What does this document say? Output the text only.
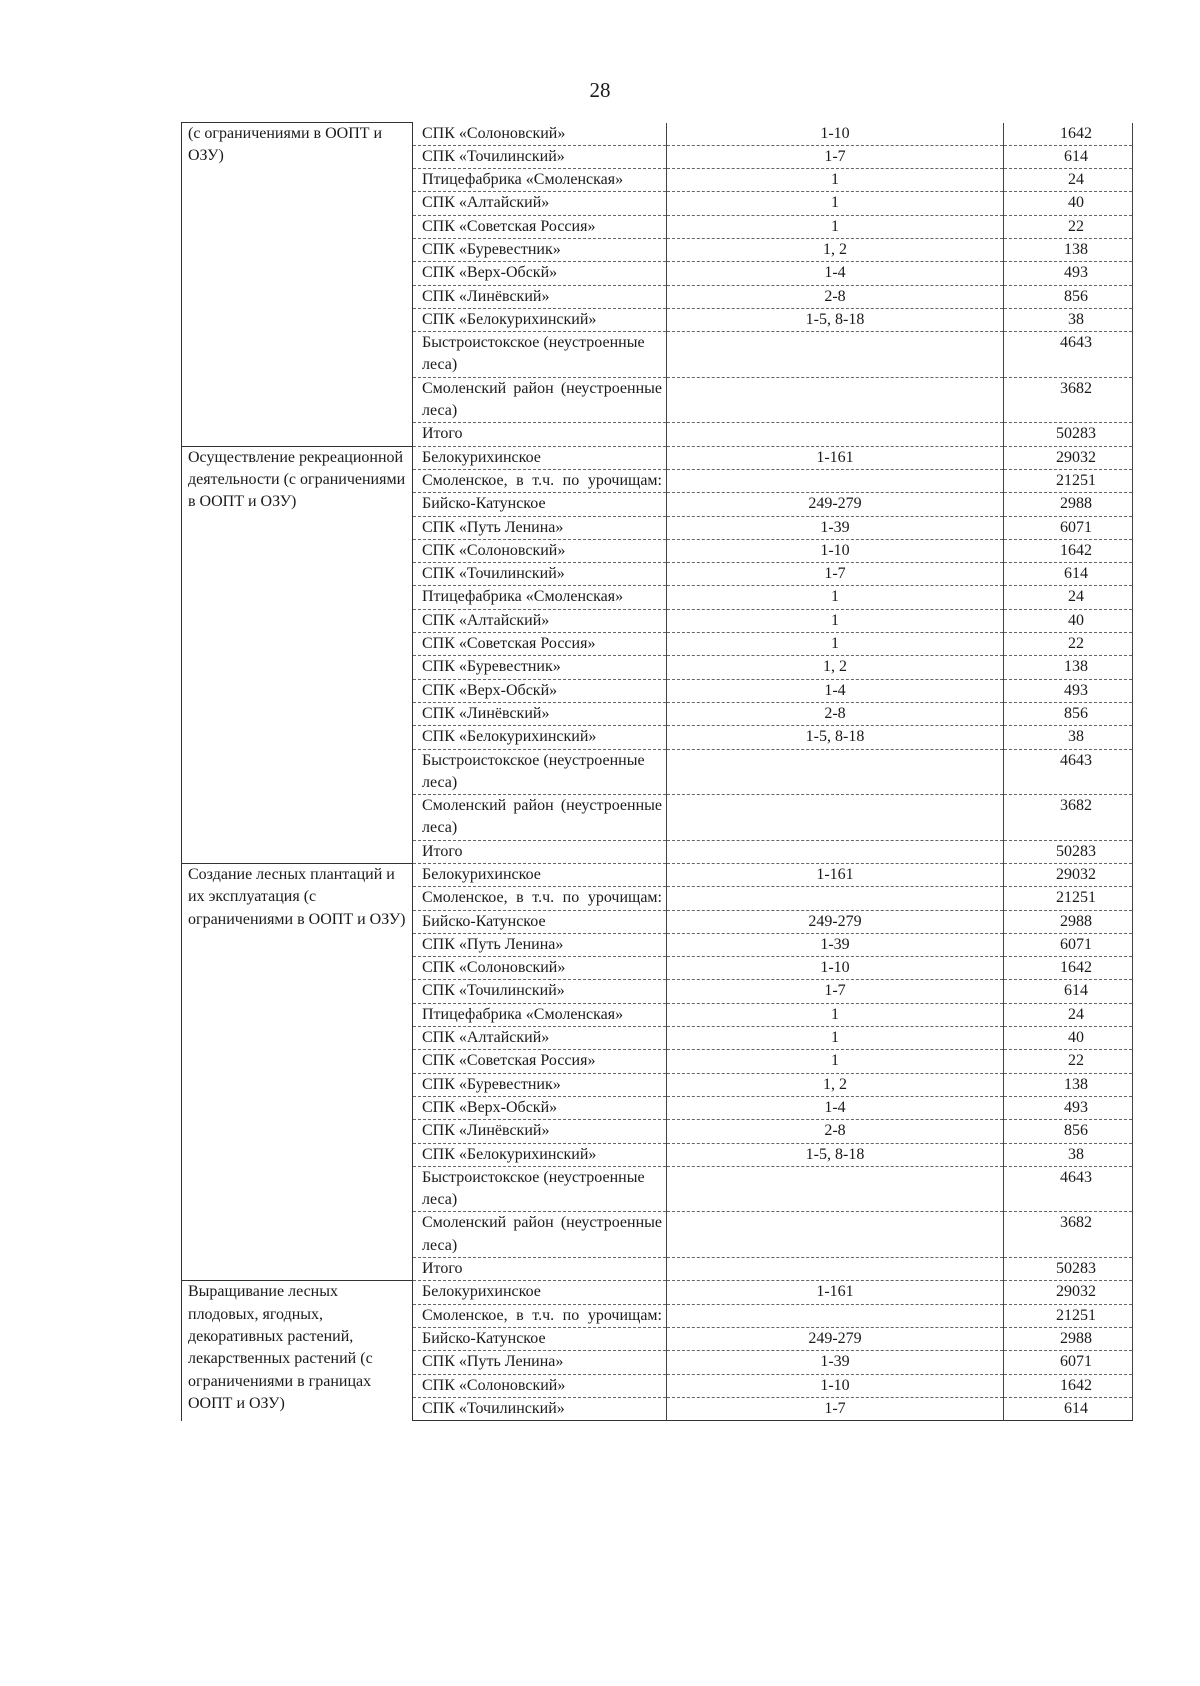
28
(с ограничениями в ООПТ и ОЗУ)	СПК «Солоновский»	1-10	1642
	СПК «Точилинский»	1-7	614
	Птицефабрика «Смоленская»	1	24
	СПК «Алтайский»	1	40
	СПК «Советская Россия»	1	22
	СПК «Буревестник»	1, 2	138
	СПК «Верх-Обскй»	1-4	493
	СПК «Линёвский»	2-8	856
	СПК «Белокурихинский»	1-5, 8-18	38
	Быстроистокское (неустроенные леса)		4643

	Смоленский район (неустроенные леса)		3682
	Итого		50283
Осуществление рекреационной деятельности (с ограничениями в ООПТ и ОЗУ)	Белокурихинское	1-161	29032

	Смоленское, в т.ч. по урочищам:		21251
	Бийско-Катунское	249-279	2988
	СПК «Путь Ленина»	1-39	6071
	СПК «Солоновский»	1-10	1642
	СПК «Точилинский»	1-7	614
	Птицефабрика «Смоленская»	1	24
	СПК «Алтайский»	1	40
	СПК «Советская Россия»	1	22
	СПК «Буревестник»	1, 2	138
	СПК «Верх-Обскй»	1-4	493
	СПК «Линёвский»	2-8	856
	СПК «Белокурихинский»	1-5, 8-18	38
	Быстроистокское (неустроенные леса)		4643

	Смоленский район (неустроенные леса)		3682
	Итого		50283
Создание лесных плантаций и их эксплуатация (с ограничениями в ООПТ и ОЗУ)	Белокурихинское	1-161	29032

	Смоленское, в т.ч. по урочищам:		21251
	Бийско-Катунское	249-279	2988
	СПК «Путь Ленина»	1-39	6071
	СПК «Солоновский»	1-10	1642
	СПК «Точилинский»	1-7	614
	Птицефабрика «Смоленская»	1	24
	СПК «Алтайский»	1	40
	СПК «Советская Россия»	1	22
	СПК «Буревестник»	1, 2	138
	СПК «Верх-Обскй»	1-4	493
	СПК «Линёвский»	2-8	856
	СПК «Белокурихинский»	1-5, 8-18	38
	Быстроистокское (неустроенные леса)		4643

	Смоленский район (неустроенные леса)		3682
	Итого		50283
Выращивание лесных плодовых, ягодных, декоративных растений, лекарственных растений (с ограничениями в границах ООПТ и ОЗУ)	Белокурихинское	1-161	29032

	Смоленское, в т.ч. по урочищам:		21251
	Бийско-Катунское	249-279	2988
	СПК «Путь Ленина»	1-39	6071
	СПК «Солоновский»	1-10	1642
	СПК «Точилинский»	1-7	614
